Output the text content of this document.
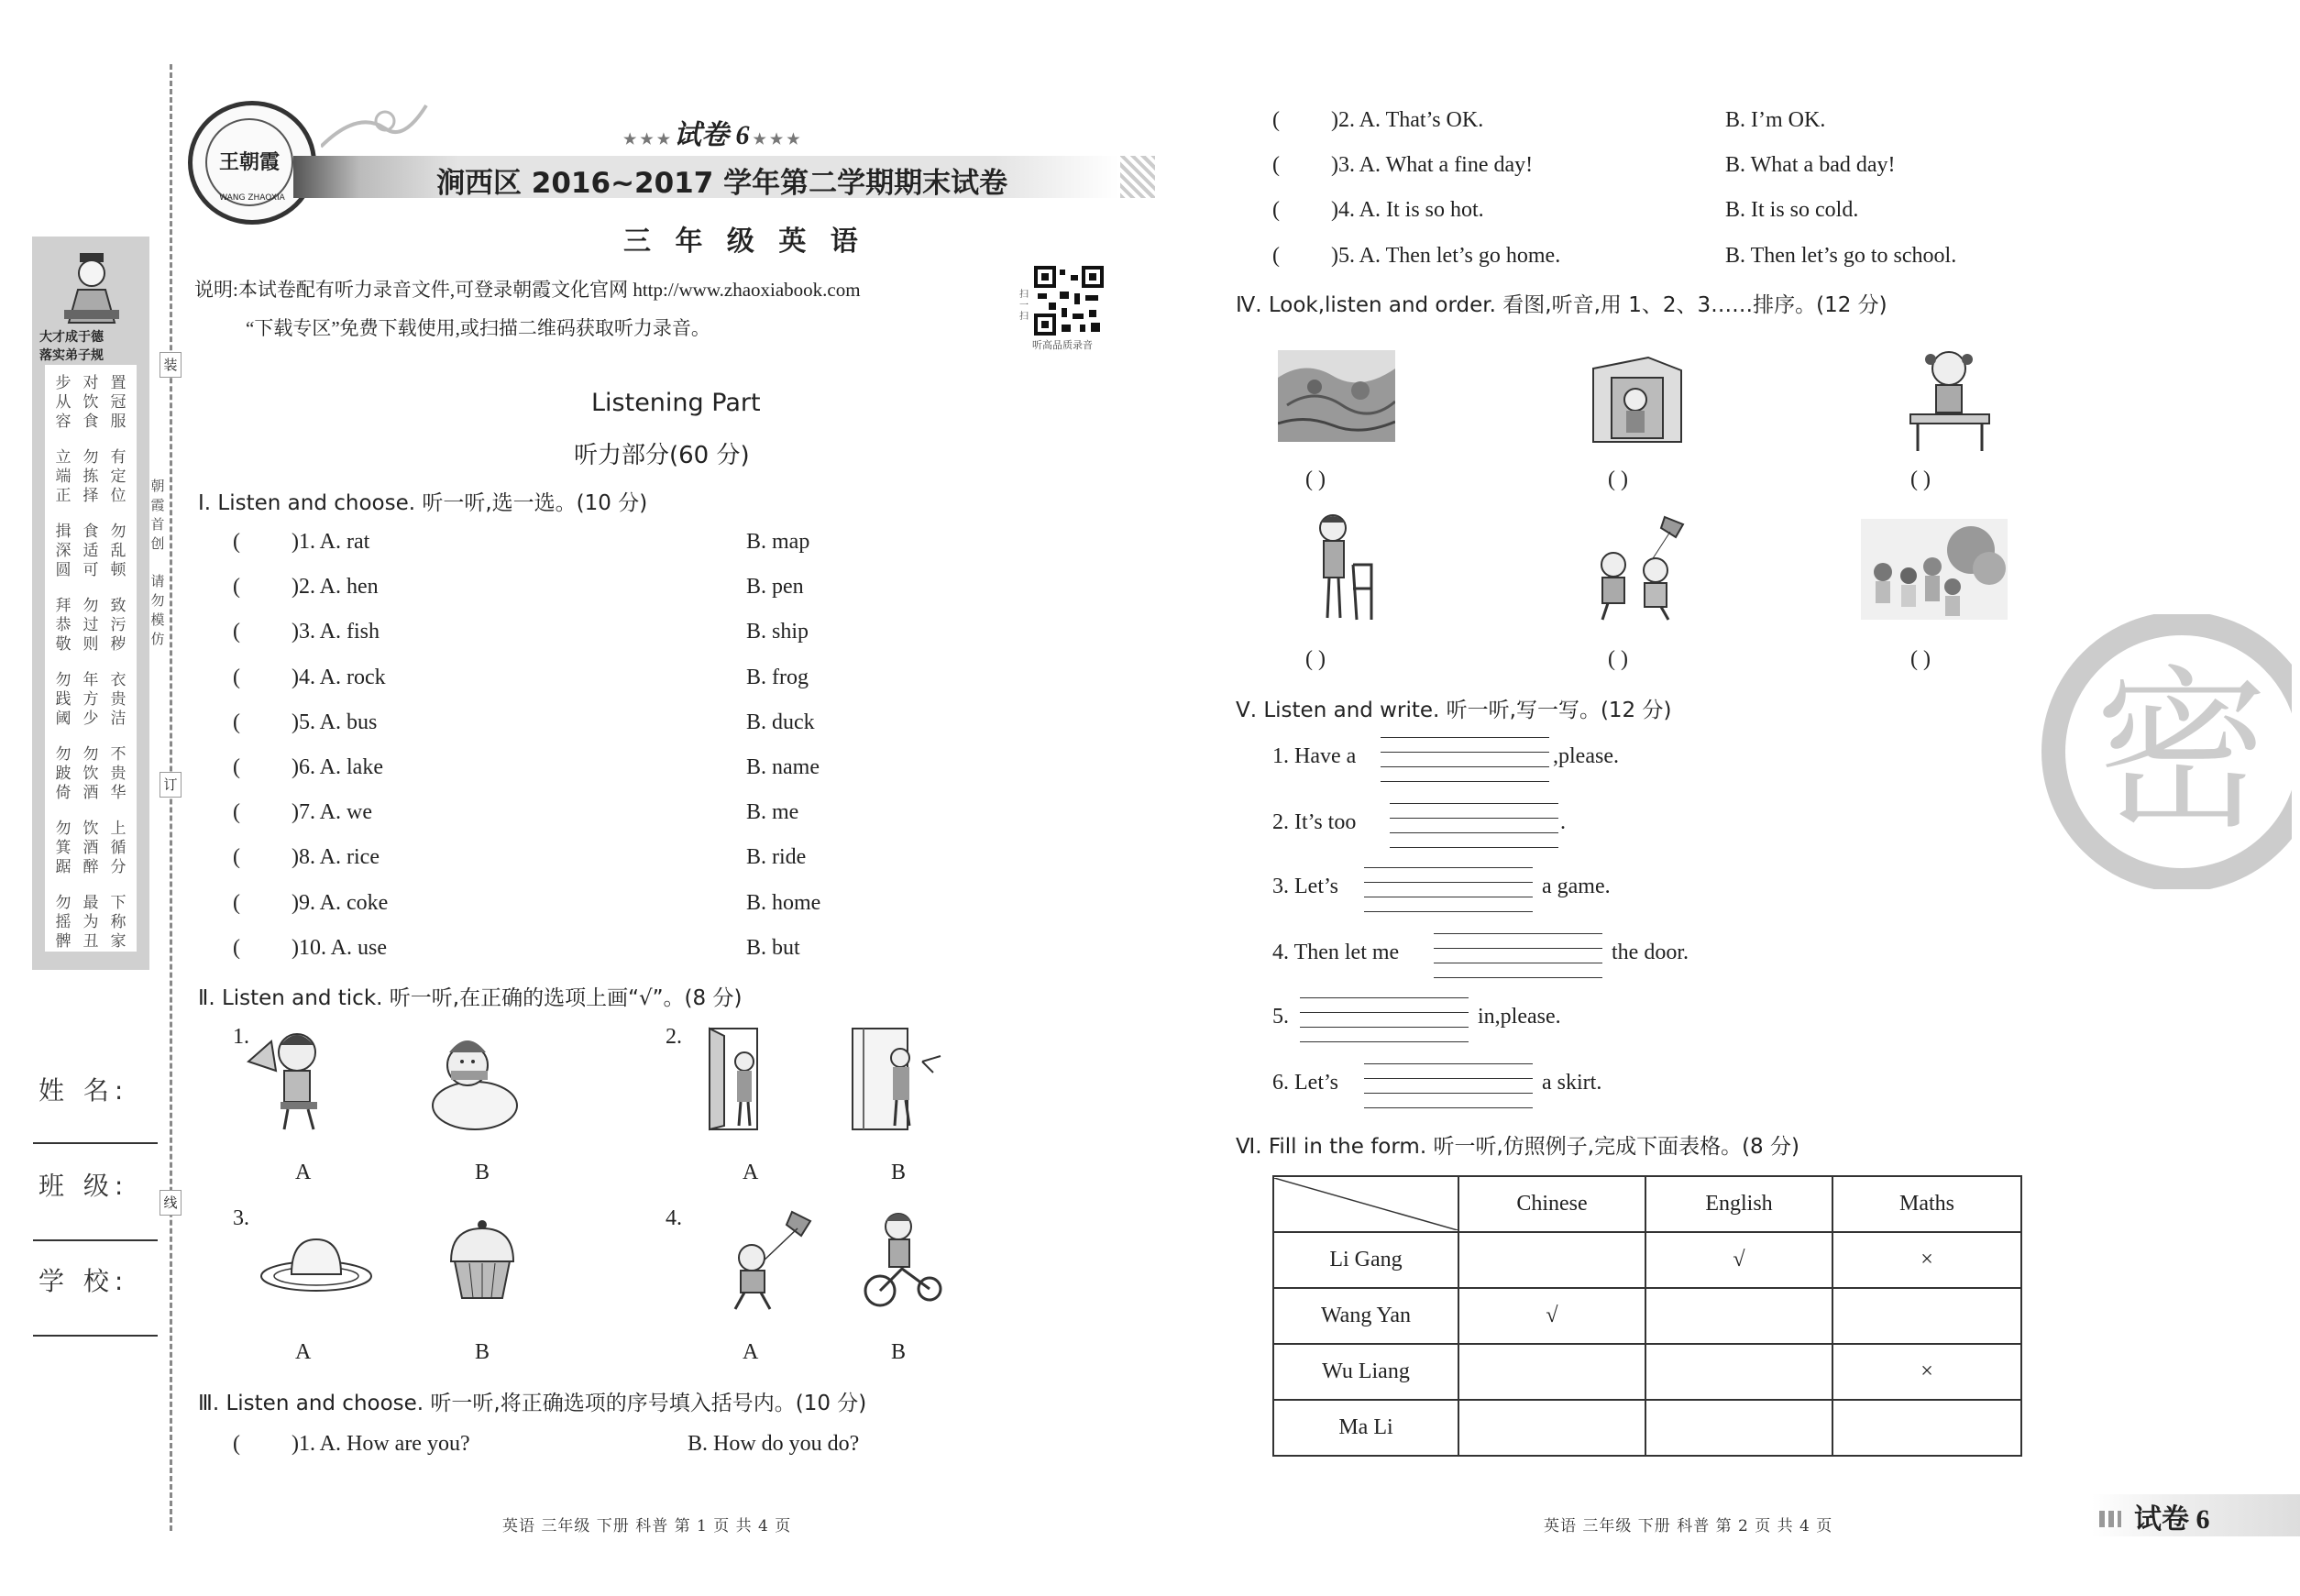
大才成于德
落实弟子规
步
从
容
立
端
正
揖
深
圆
拜
恭
敬
勿
践
阈
勿
跛
倚
勿
箕
踞
勿
摇
髀
对
饮
食
勿
拣
择
食
适
可
勿
过
则
年
方
少
勿
饮
酒
饮
酒
醉
最
为
丑
置
冠
服
有
定
位
勿
乱
顿
致
污
秽
衣
贵
洁
不
贵
华
上
循
分
下
称
家
姓 名:
班 级:
学 校:
装
订
线
朝
霞
首
创
请
勿
模
仿
王朝霞
WANG ZHAOXIA
★ ★ ★ 试卷 6 ★ ★ ★
涧西区 2016~2017 学年第二学期期末试卷
三 年 级 英 语
说明:本试卷配有听力录音文件,可登录朝霞文化官网 http://www.zhaoxiabook.com
“下载专区”免费下载使用,或扫描二维码获取听力录音。
扫一扫
听高品质录音
Listening Part
听力部分(60 分)
Ⅰ. Listen and choose. 听一听,选一选。(10 分)
( )1. A. rat	B. map
( )2. A. hen	B. pen
( )3. A. fish	B. ship
( )4. A. rock	B. frog
( )5. A. bus	B. duck
( )6. A. lake	B. name
( )7. A. we	B. me
( )8. A. rice	B. ride
( )9. A. coke	B. home
( )10. A. use	B. but
Ⅱ. Listen and tick. 听一听,在正确的选项上画“√”。(8 分)
1.
A	B
2.
A	B
3.
A	B
4.
A	B
Ⅲ. Listen and choose. 听一听,将正确选项的序号填入括号内。(10 分)
( )1. A. How are you?	B. How do you do?
( )2. A. That’s OK.	B. I’m OK.
( )3. A. What a fine day!	B. What a bad day!
( )4. A. It is so hot.	B. It is so cold.
( )5. A. Then let’s go home.	B. Then let’s go to school.
Ⅳ. Look,listen and order. 看图,听音,用 1、2、3……排序。(12 分)
( )	( )	( )
( )	( )	( )
Ⅴ. Listen and write. 听一听,写一写。(12 分)
1. Have a	,please.
2. It’s too	.
3. Let’s	a game.
4. Then let me	the door.
5.	in,please.
6. Let’s	a skirt.
Ⅵ. Fill in the form. 听一听,仿照例子,完成下面表格。(8 分)
	Chinese	English	Maths
Li Gang		√	×
Wang Yan	√		
Wu Liang			×
Ma Li			
密
英语 三年级 下册 科普 第 1 页 共 4 页	英语 三年级 下册 科普 第 2 页 共 4 页	试卷 6
